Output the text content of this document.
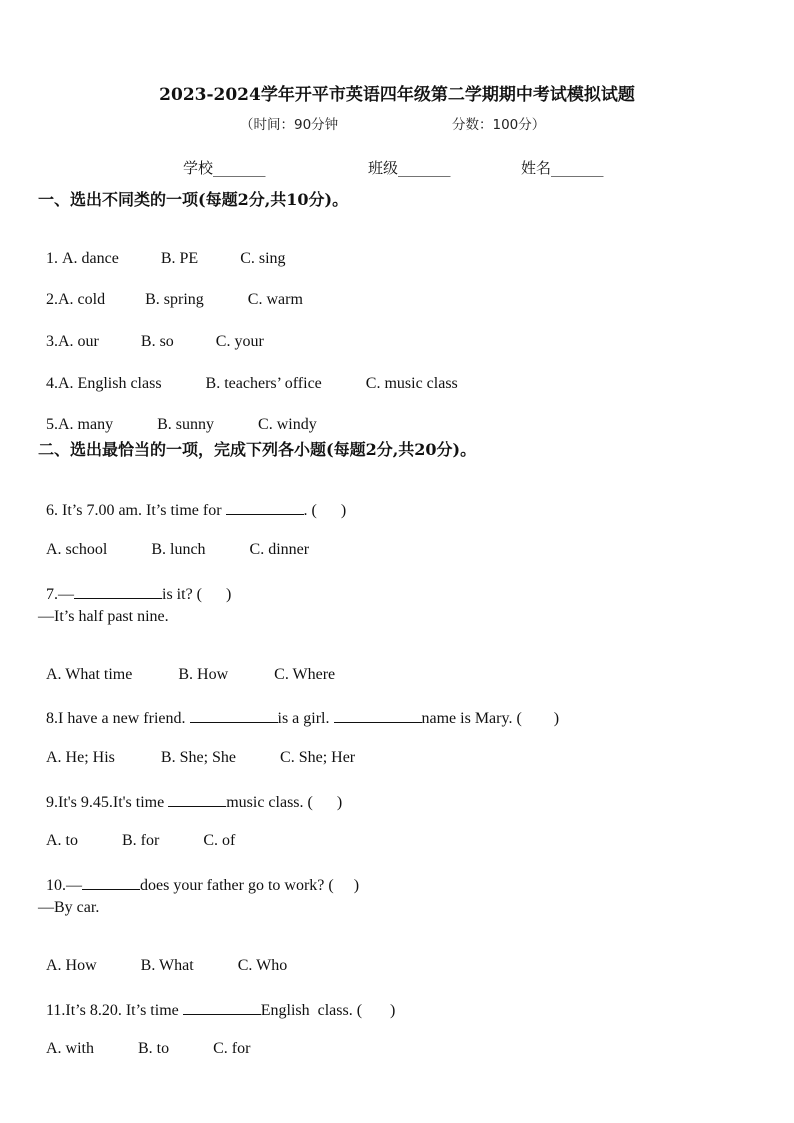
2023-2024学年开平市英语四年级第二学期期中考试模拟试题
（时间：90分钟	分数：100分）
学校_______	班级_______	姓名_______
一、选出不同类的一项(每题2分,共10分)。

1. A. dance	B. PE	C. sing

2.A. cold	B. spring	C. warm

3.A. our	B. so	C. your

4.A. English class	B. teachers’ office	C. music class

5.A. many	B. sunny	C. windy

二、选出最恰当的一项，完成下列各小题(每题2分,共20分)。

6. It’s 7.00 am. It’s time for	. (      )

A. school	B. lunch	C. dinner

7.—	is it? (      )

—It’s half past nine.

A. What time	B. How	C. Where

8.I have a new friend.	is a girl.	name is Mary. (        )

A. He; His	B. She; She	C. She; Her

9.It's 9.45.It's time	music class. (      )

A. to	B. for	C. of

10.—	does your father go to work? (     )

—By car.

A. How	B. What	C. Who

11.It’s 8.20. It’s time	English  class. (       )

A. with	B. to	C. for
